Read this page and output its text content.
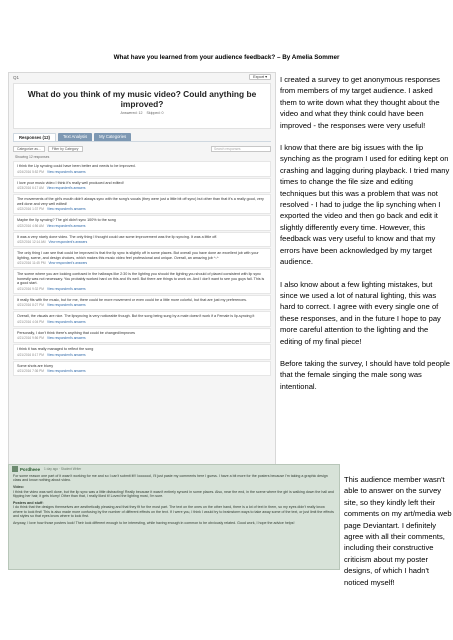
What have you learned from your audience feedback? – By Amelia Sommer
Q1	Export ▾
What do you think of my music video? Could anything be improved?
Answered: 12 Skipped: 0
Responses (12)	Text Analysis	My Categories
Categorize as...	Filter by Category	Search responses
Showing 12 responses
I think the Lip syncing could have been better and needs to be improved.
4/24/2016 5:52 PM View respondent's answers
I love your music video I think it's really well produced and edited!
4/23/2016 6:17 AM View respondent's answers
The movements of the girl's mouth didn't always sync with the song's vocals (they were just a little bit off sync) but other than that it's a really good, very well done and very well edited!
4/22/2016 1:37 PM View respondent's answers
Maybe the lip syncing? The girl didn't sync 100% to the song
4/22/2016 4:56 AM View respondent's answers
It was a very nicely done video. The only thing I thought could use some improvement was the lip syncing. It was a little off.
4/22/2016 12:14 AM View respondent's answers
The only thing I can see that could be improved is that the lip sync is slightly off in some places. But overall you have done an excellent job with your lighting, scene, and design choices, which makes this music video feel professional and unique. Overall, an amazing job ^-^
4/21/2016 11:45 PM View respondent's answers
The scene where you are looking confused in the hallways like 2:30 is the lighting you should the lighting you should of placed consistent with lip sync honestly was not necessary. You probably worked hard on this and it's well. But there are things to work on. And I don't want to see you guys fail. This is a good start.
4/21/2016 9:32 PM View respondent's answers
It really fits with the music, but for me, there could be more movement or even could be a little more colorful, but that are just my preferences.
4/21/2016 8:27 PM View respondent's answers
Overall, the visuals are nice. The lipsyncing is very noticeable though. But the song being sung by a male doesn't work if a Female is lip-syncing it
4/21/2016 4:04 PM View respondent's answers
Personally, I don't think there's anything that could be changed/improves
4/21/2016 9:56 PM View respondent's answers
I think it has really managed to reflect the song
4/21/2016 8:17 PM View respondent's answers
Some shots are blurry
4/21/2016 7:36 PM View respondent's answers

I created a survey to get anonymous responses from members of my target audience. I asked them to write down what they thought about the video and what they think could have been improved - the responses were very useful!

I know that there are big issues with the lip synching as the program I used for editing kept on crashing and lagging during playback. I tried many times to change the file size and editing techniques but this was a problem that was not resolved - I had to judge the lip synching when I exported the video and then go back and edit it slightly differently every time. However, this feedback was very useful to know and that my errors have been acknowledged by my target audience.

I also know about a few lighting mistakes, but since we used a lot of natural lighting, this was hard to correct. I agree with every single one of these responses, and in the future I hope to pay more careful attention to the lighting and the editing of my final piece!

Before taking the survey, I should have told people that the female singing the male song was intentional.

Pordheee 1 day ago · Student Writer
For some reason one part of it wasn't working for me and so I can't submit it!!! looooool, I'll just paste my comments here I guess. I have a bit more for the posters because I'm taking a graphic design class and know nothing about video.
Video:
I think the video was well done, but the lip sync was a little distracting! Really because it wasn't entirely synced in some places. Also, near the end, in the scene where the girl is walking down the hall and flipping her hair, it gets blurry! Other than that, I really liked it! Loved the lighting most, I'm sure.
Posters and stuff:
I do think that the designs themselves are aesthetically pleasing and that they fit for the most part. The text on the ones on the other hand, there is a lot of text in them, so my eyes didn't really know where to look first! This is also made more confusing by the number of different effects on the text. If I were you, I think I would try to brainstorm ways to take away some of the text, or just limit the effects and styles so that eyes know where to look first.
Anyway, I love how those posters look! Their look different enough to be interesting, while having enough in common to be obviously related. Good work, I hope the advice helps!
This audience member wasn't able to answer on the survey site, so they kindly left their comments on my art/media web page Deviantart. I definitely agree with all their comments, including their constructive criticism about my poster designs, of which I hadn't noticed myself!
